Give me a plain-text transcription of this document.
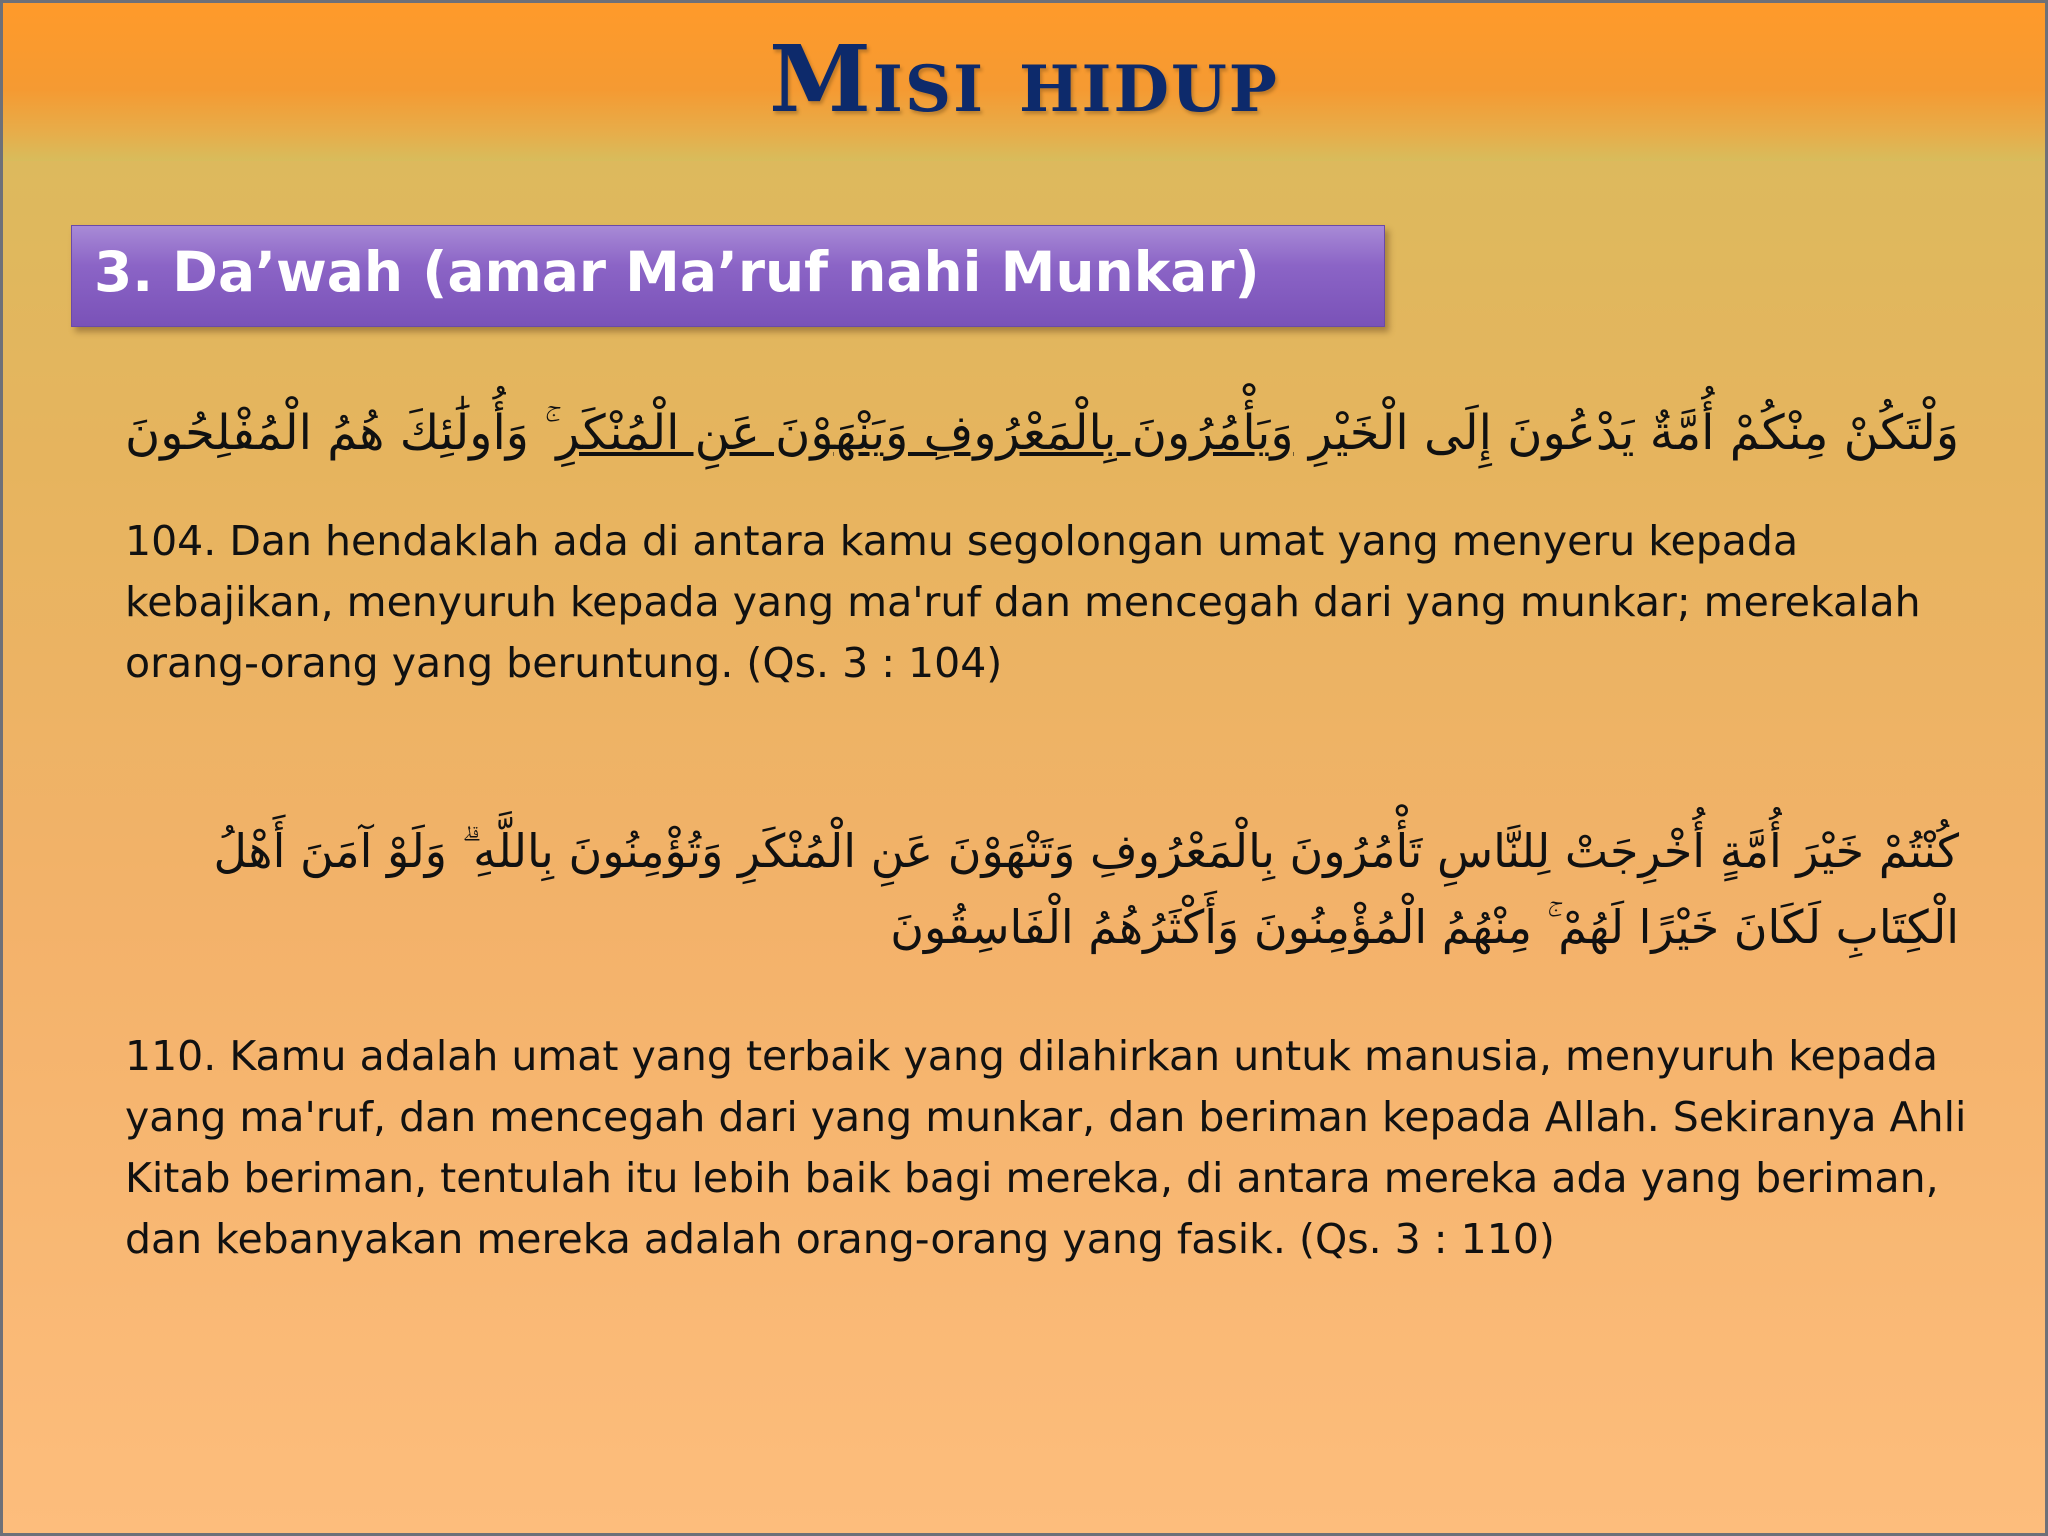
Misi hidup
3. Da’wah (amar Ma’ruf nahi Munkar)
وَلْتَكُنْ مِنْكُمْ أُمَّةٌ يَدْعُونَ إِلَى الْخَيْرِ وَيَأْمُرُونَ بِالْمَعْرُوفِ وَيَنْهَوْنَ عَنِ الْمُنْكَرِ ۚ وَأُولَٰئِكَ هُمُ الْمُفْلِحُونَ
104. Dan hendaklah ada di antara kamu segolongan umat yang menyeru kepada kebajikan, menyuruh kepada yang ma'ruf dan mencegah dari yang munkar; merekalah orang-orang yang beruntung. (Qs. 3 : 104)
كُنْتُمْ خَيْرَ أُمَّةٍ أُخْرِجَتْ لِلنَّاسِ تَأْمُرُونَ بِالْمَعْرُوفِ وَتَنْهَوْنَ عَنِ الْمُنْكَرِ وَتُؤْمِنُونَ بِاللَّهِ ۗ وَلَوْ آمَنَ أَهْلُ الْكِتَابِ لَكَانَ خَيْرًا لَهُمْ ۚ مِنْهُمُ الْمُؤْمِنُونَ وَأَكْثَرُهُمُ الْفَاسِقُونَ
110. Kamu adalah umat yang terbaik yang dilahirkan untuk manusia, menyuruh kepada yang ma'ruf, dan mencegah dari yang munkar, dan beriman kepada Allah. Sekiranya Ahli Kitab beriman, tentulah itu lebih baik bagi mereka, di antara mereka ada yang beriman, dan kebanyakan mereka adalah orang-orang yang fasik. (Qs. 3 : 110)
